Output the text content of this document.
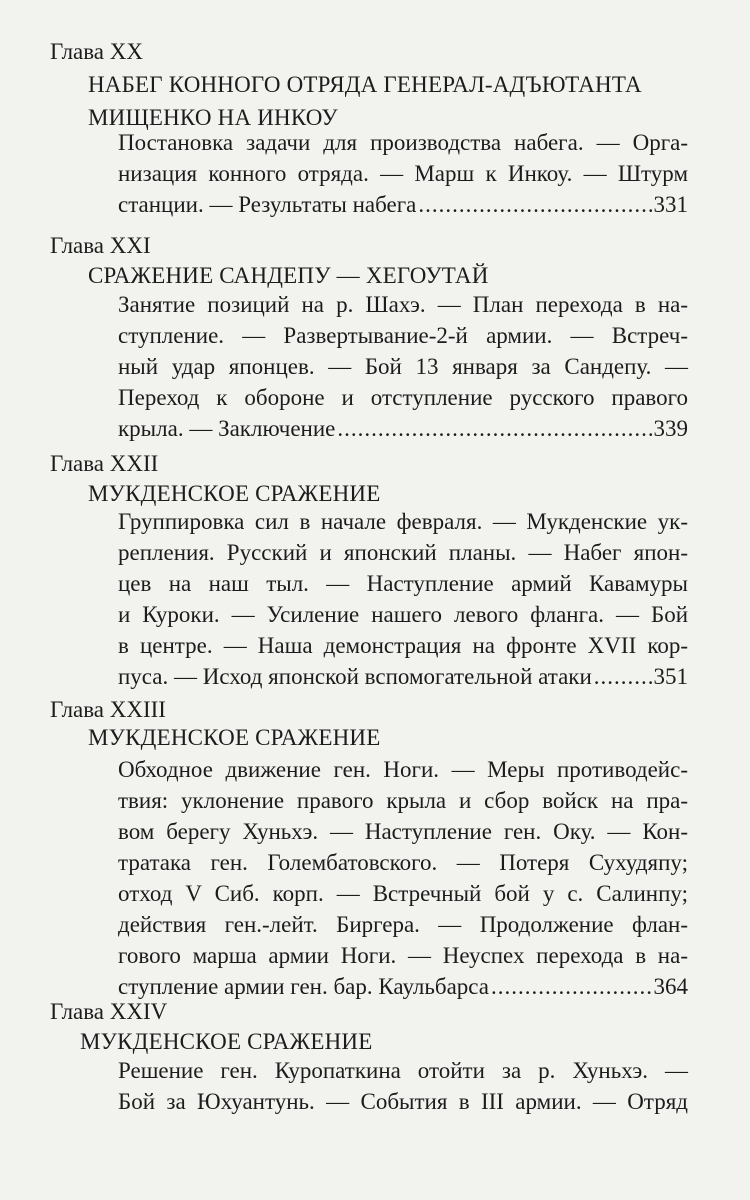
Глава XX
НАБЕГ КОННОГО ОТРЯДА ГЕНЕРАЛ-АДЪЮТАНТА
МИЩЕНКО НА ИНКОУ
Постановка задачи для производства набега. — Орга-
низация конного отряда. — Марш к Инкоу. — Штурм
станции. — Результаты набега .....	331
Глава XXI
СРАЖЕНИЕ САНДЕПУ — ХЕГОУТАЙ
Занятие позиций на р. Шахэ. — План перехода в на-
ступление. — Развертывание-2-й армии. — Встреч-
ный удар японцев. — Бой 13 января за Сандепу. —
Переход к обороне и отступление русского правого
крыла. — Заключение .....	339
Глава XXII
МУКДЕНСКОЕ СРАЖЕНИЕ
Группировка сил в начале февраля. — Мукденские ук-
репления. Русский и японский планы. — Набег япон-
цев на наш тыл. — Наступление армий Кавамуры
и Куроки. — Усиление нашего левого фланга. — Бой
в центре. — Наша демонстрация на фронте XVII кор-
пуса. — Исход японской вспомогательной атаки .....	351
Глава XXIII
МУКДЕНСКОЕ СРАЖЕНИЕ
Обходное движение ген. Ноги. — Меры противодейс-
твия: уклонение правого крыла и сбор войск на пра-
вом берегу Хуньхэ. — Наступление ген. Оку. — Кон-
тратака ген. Голембатовского. — Потеря Сухудяпу;
отход V Сиб. корп. — Встречный бой у с. Салинпу;
действия ген.-лейт. Биргера. — Продолжение флан-
гового марша армии Ноги. — Неуспех перехода в на-
ступление армии ген. бар. Каульбарса .....	364
Глава XXIV
МУКДЕНСКОЕ СРАЖЕНИЕ
Решение ген. Куропаткина отойти за р. Хуньхэ. —
Бой за Юхуантунь. — События в III армии. — Отряд
